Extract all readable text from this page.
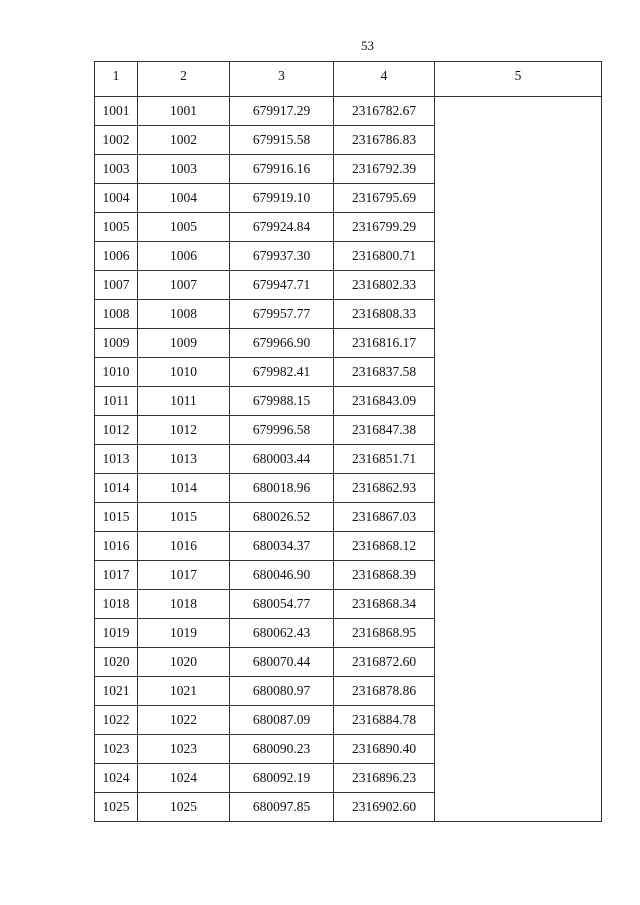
53
1	2	3	4	5
1001	1001	679917.29	2316782.67	
1002	1002	679915.58	2316786.83	
1003	1003	679916.16	2316792.39	
1004	1004	679919.10	2316795.69	
1005	1005	679924.84	2316799.29	
1006	1006	679937.30	2316800.71	
1007	1007	679947.71	2316802.33	
1008	1008	679957.77	2316808.33	
1009	1009	679966.90	2316816.17	
1010	1010	679982.41	2316837.58	
1011	1011	679988.15	2316843.09	
1012	1012	679996.58	2316847.38	
1013	1013	680003.44	2316851.71	
1014	1014	680018.96	2316862.93	
1015	1015	680026.52	2316867.03	
1016	1016	680034.37	2316868.12	
1017	1017	680046.90	2316868.39	
1018	1018	680054.77	2316868.34	
1019	1019	680062.43	2316868.95	
1020	1020	680070.44	2316872.60	
1021	1021	680080.97	2316878.86	
1022	1022	680087.09	2316884.78	
1023	1023	680090.23	2316890.40	
1024	1024	680092.19	2316896.23	
1025	1025	680097.85	2316902.60	
